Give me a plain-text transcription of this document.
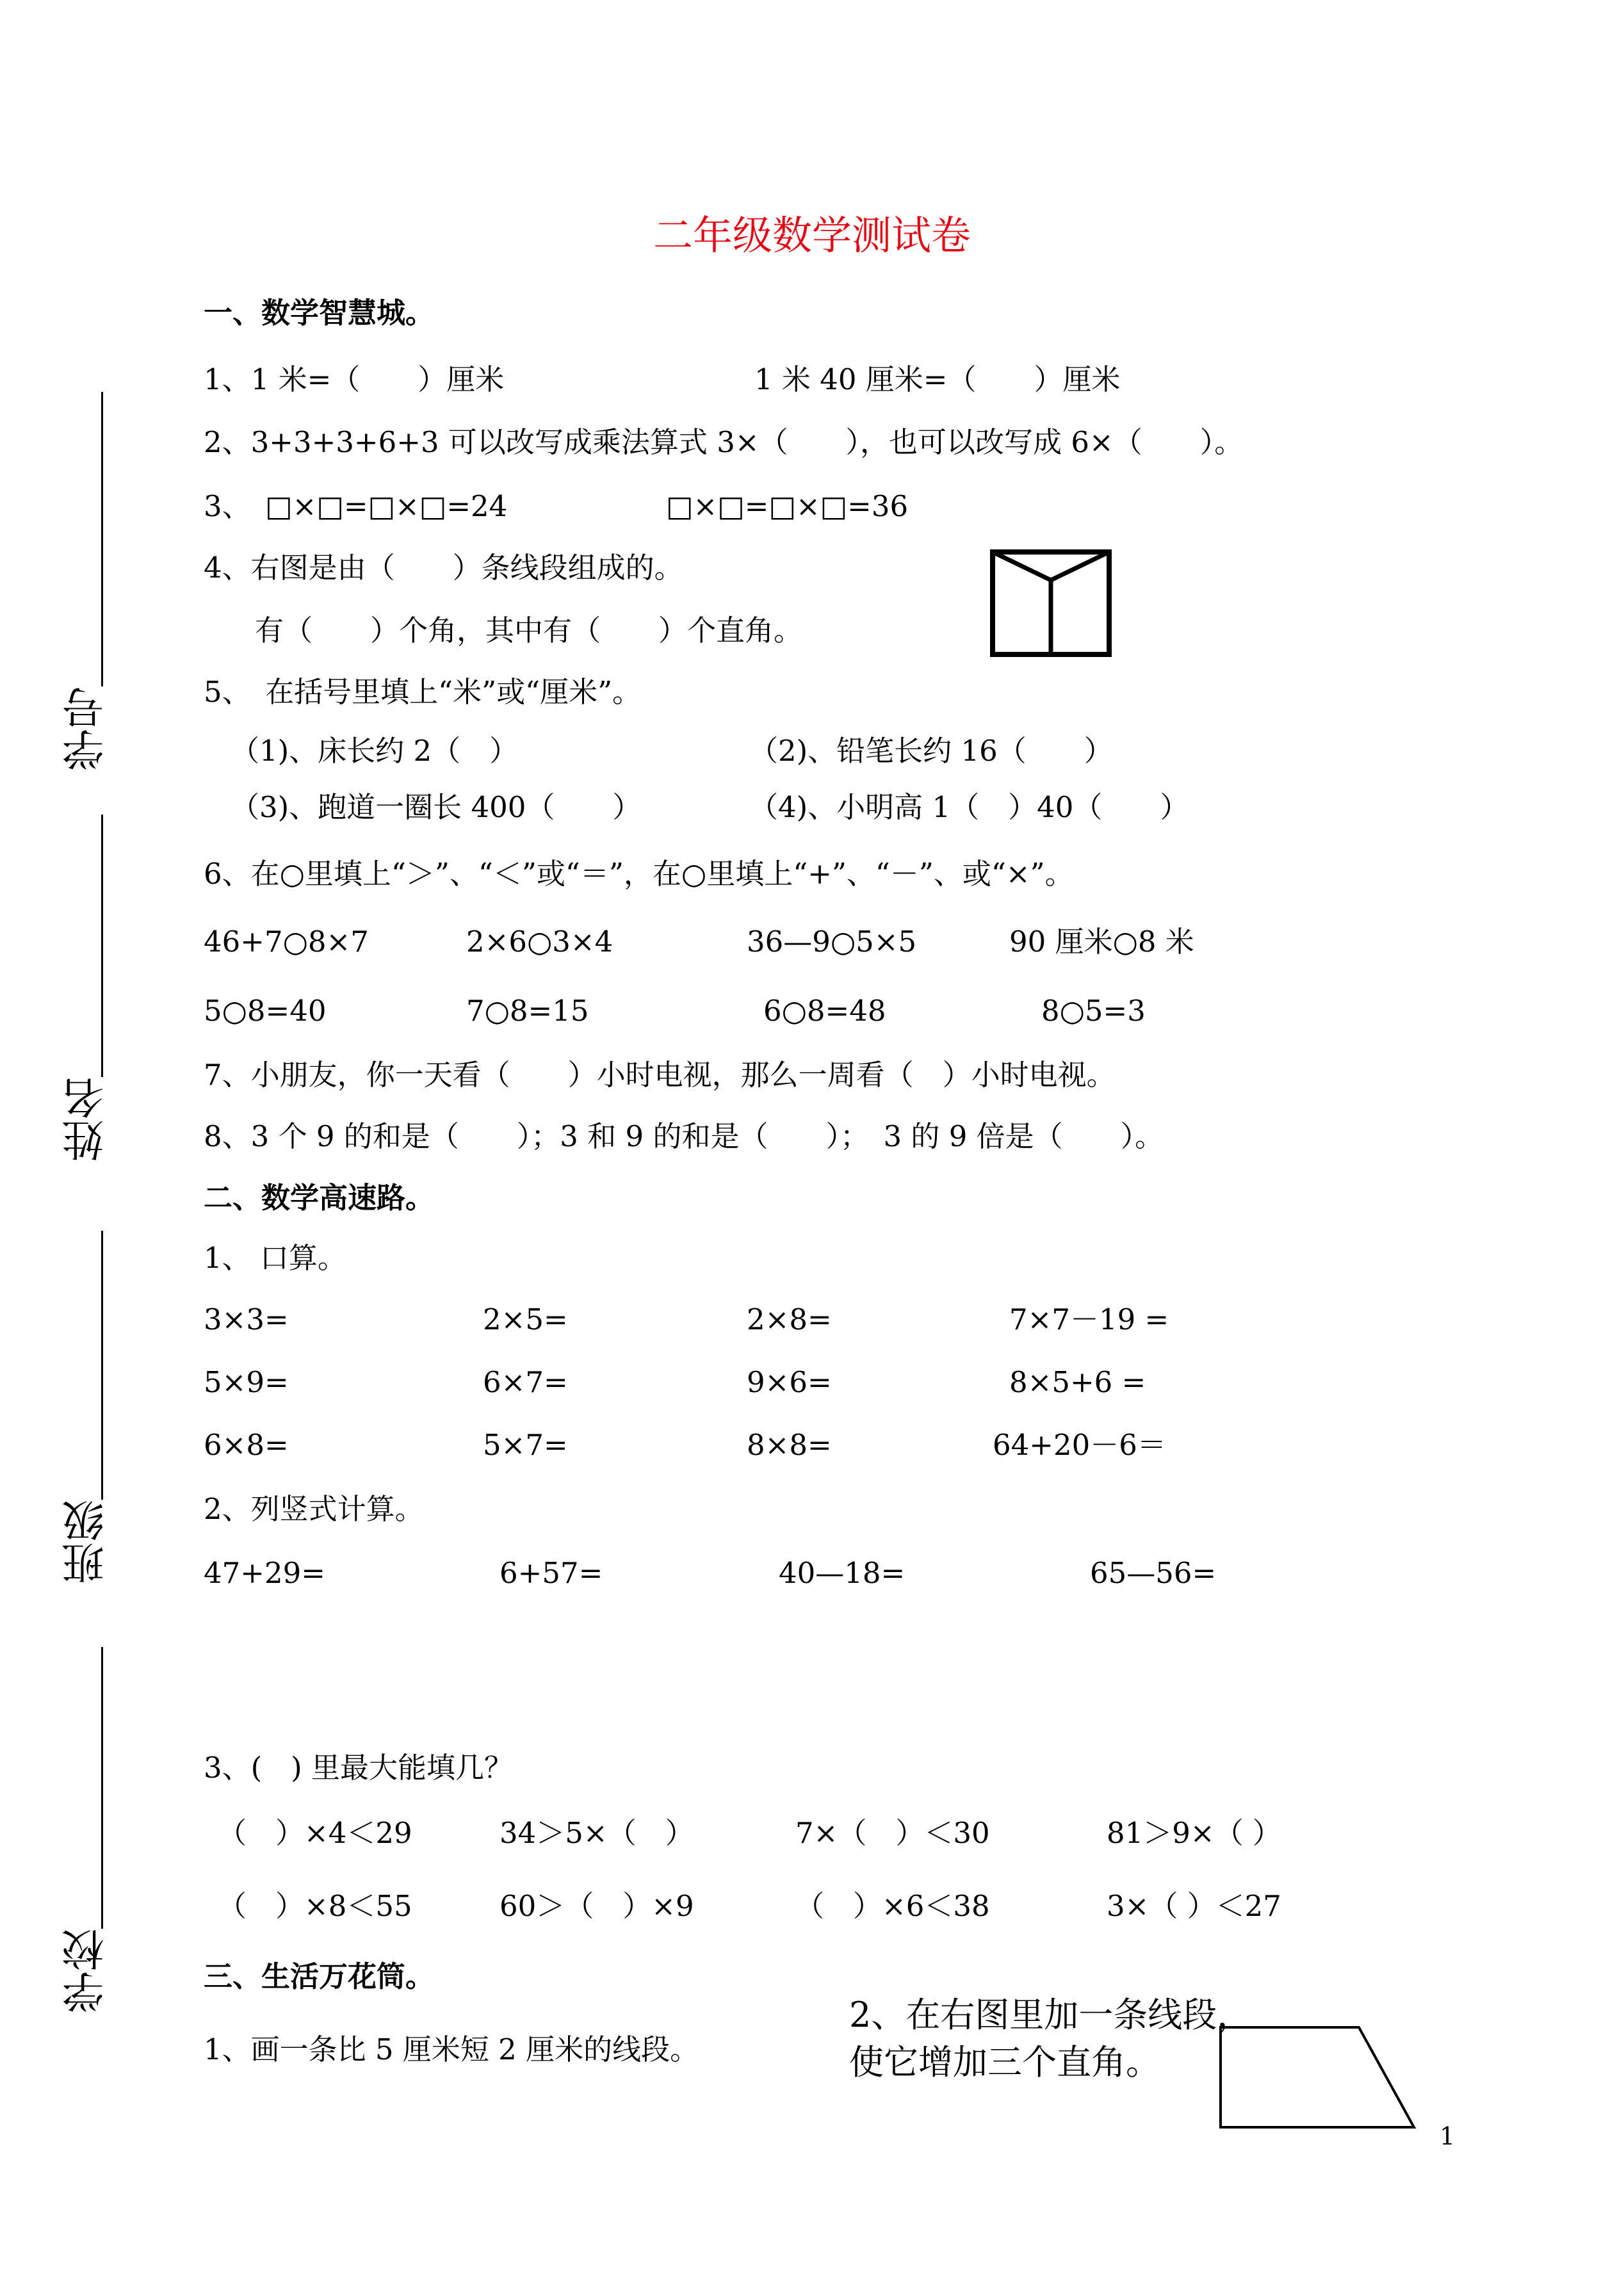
二年级数学测试卷
学号
姓名
班级
学校
一、数学智慧城。
1、1 米=（　　）厘米	1 米 40 厘米=（　　）厘米
2、3+3+3+6+3 可以改写成乘法算式 3×（　　），也可以改写成 6×（　　）。
3、　□×□=□×□=24	□×□=□×□=36
4、右图是由（　　）条线段组成的。
有（　　）个角，其中有（　　）个直角。
5、　在括号里填上“米”或“厘米”。
（1)、床长约 2（　）	（2)、铅笔长约 16（　　）
（3)、跑道一圈长 400（　　）	（4)、小明高 1（　）40（　　）
6、在○里填上“＞”、“＜”或“＝”，在○里填上“+”、“－”、或“×”。
46+7○8×7	2×6○3×4	36—9○5×5	90 厘米○8 米
5○8=40	7○8=15	6○8=48	8○5=3
7、小朋友，你一天看（　　）小时电视，那么一周看（　）小时电视。
8、3 个 9 的和是（　　）；3 和 9 的和是（　　）；　3 的 9 倍是（　　）。
二、数学高速路。
1、 口算。
3×3=	2×5=	2×8=	7×7－19 =
5×9=	6×7=	9×6=	8×5+6 =
6×8=	5×7=	8×8=	64+20－6＝
2、列竖式计算。
47+29=	6+57=	40—18=	65—56=
3、(　) 里最大能填几？
（　）×4＜29	34＞5×（　）	7×（　）＜30	81＞9×（ ）
（　）×8＜55	60＞（　）×9	（　）×6＜38	3×（ ）＜27
三、生活万花筒。
1、画一条比 5 厘米短 2 厘米的线段。
2、在右图里加一条线段，
使它增加三个直角。
1
